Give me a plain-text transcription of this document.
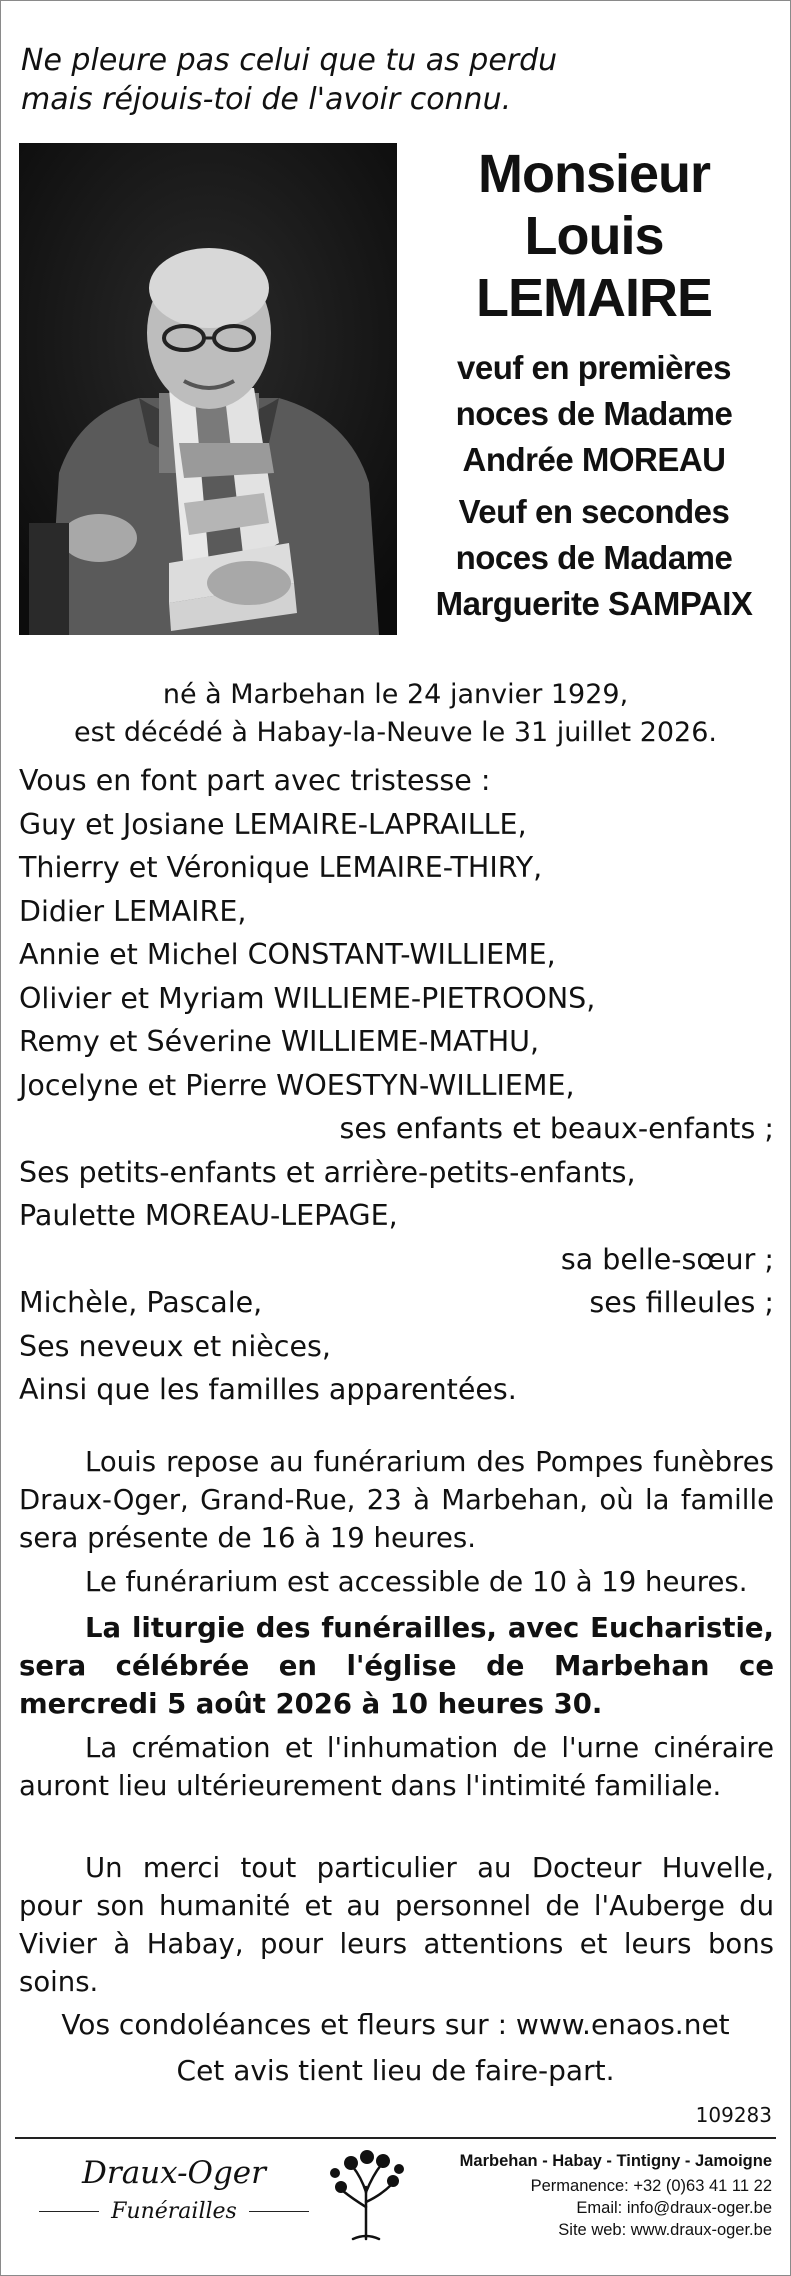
Ne pleure pas celui que tu as perdu
mais réjouis-toi de l'avoir connu.
Monsieur
Louis
LEMAIRE
veuf en premières
noces de Madame
Andrée MOREAU
Veuf en secondes
noces de Madame
Marguerite SAMPAIX
né à Marbehan le 24 janvier 1929,
est décédé à Habay-la-Neuve le 31 juillet 2026.
Vous en font part avec tristesse :
Guy et Josiane LEMAIRE-LAPRAILLE,
Thierry et Véronique LEMAIRE-THIRY,
Didier LEMAIRE,
Annie et Michel CONSTANT-WILLIEME,
Olivier et Myriam WILLIEME-PIETROONS,
Remy et Séverine WILLIEME-MATHU,
Jocelyne et Pierre WOESTYN-WILLIEME,
ses enfants et beaux-enfants ;
Ses petits-enfants et arrière-petits-enfants,
Paulette MOREAU-LEPAGE,
sa belle-sœur ;
Michèle, Pascale,	ses filleules ;
Ses neveux et nièces,
Ainsi que les familles apparentées.

Louis repose au funérarium des Pompes funèbres Draux-Oger, Grand-Rue, 23 à Marbehan, où la famille sera présente de 16 à 19 heures.

Le funérarium est accessible de 10 à 19 heures.

La liturgie des funérailles, avec Eucharistie, sera célébrée en l'église de Marbehan ce mercredi 5 août 2026 à 10 heures 30.

La crémation et l'inhumation de l'urne cinéraire auront lieu ultérieurement dans l'intimité familiale.

Un merci tout particulier au Docteur Huvelle, pour son humanité et au personnel de l'Auberge du Vivier à Habay, pour leurs attentions et leurs bons soins.

Vos condoléances et fleurs sur : www.enaos.net
Cet avis tient lieu de faire-part.
109283
Draux-Oger
Funérailles
Marbehan - Habay - Tintigny - Jamoigne
Permanence: +32 (0)63 41 11 22
Email: info@draux-oger.be
Site web: www.draux-oger.be
